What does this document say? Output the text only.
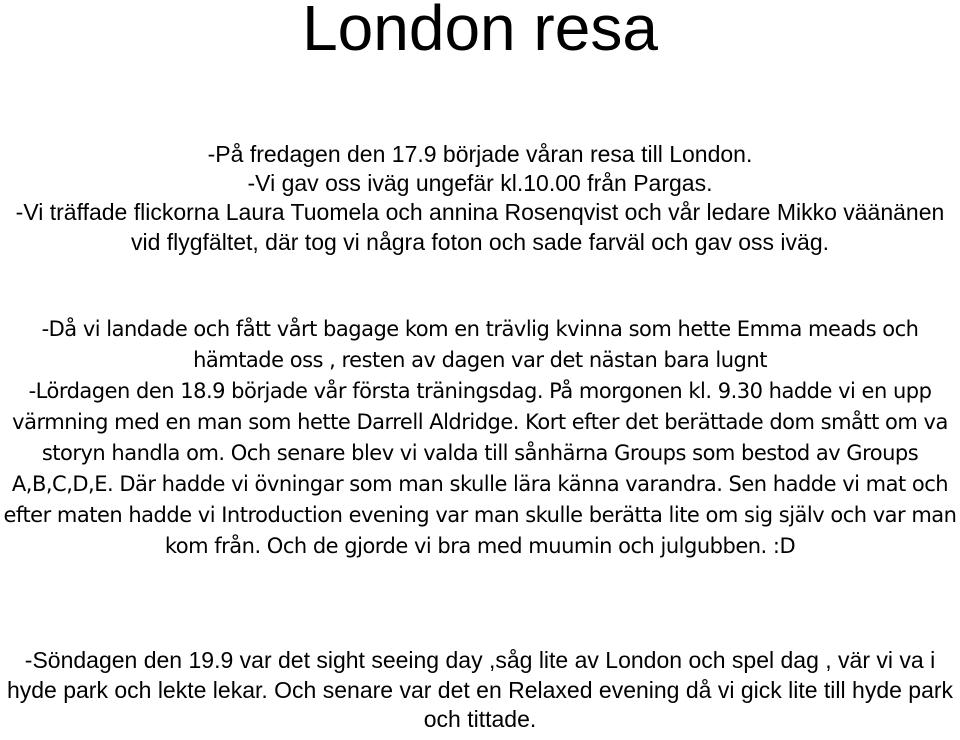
London resa

-På fredagen den 17.9 började våran resa till London.

-Vi gav oss iväg ungefär kl.10.00 från Pargas.

-Vi träffade flickorna Laura Tuomela och annina Rosenqvist och vår ledare Mikko väänänen vid flygfältet, där tog vi några foton och sade farväl och gav oss iväg.

-Då vi landade och fått vårt bagage kom en trävlig kvinna som hette Emma meads och hämtade oss , resten av dagen var det nästan bara lugnt

-Lördagen den 18.9 började vår första träningsdag. På morgonen kl. 9.30 hadde vi en upp värmning med en man som hette Darrell Aldridge. Kort efter det berättade dom smått om va storyn handla om. Och senare blev vi valda till sånhärna Groups som bestod av Groups A,B,C,D,E. Där hadde vi övningar som man skulle lära känna varandra. Sen hadde vi mat och efter maten hadde vi Introduction evening var man skulle berätta lite om sig själv och var man kom från. Och de gjorde vi bra med muumin och julgubben. :D

-Söndagen den 19.9 var det sight seeing day ,såg lite av London och spel dag , vär vi va i hyde park och lekte lekar. Och senare var det en Relaxed evening då vi gick lite till hyde park och tittade.
